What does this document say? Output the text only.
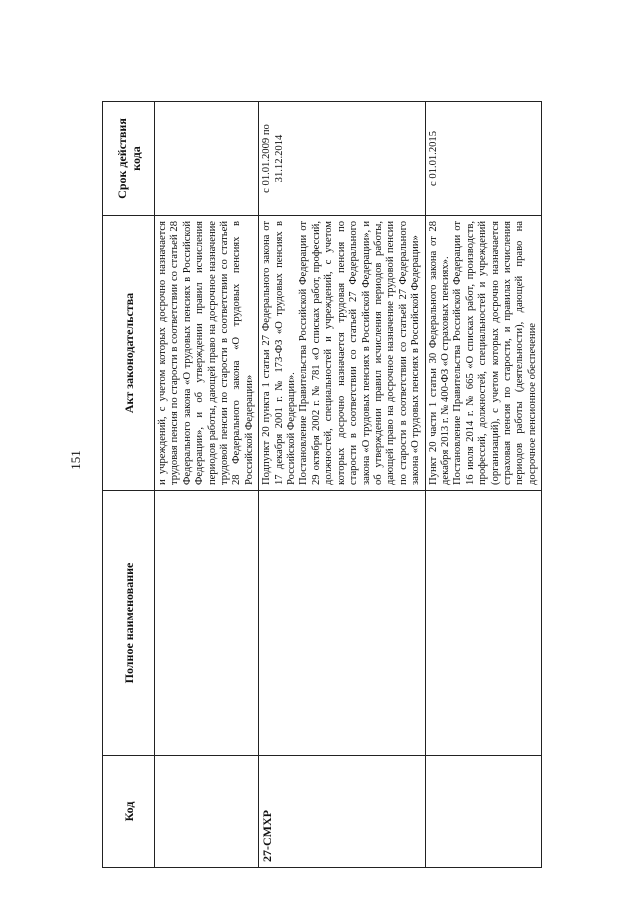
151
Код	Полное наименование	Акт законодательства	Срок действия кода

		и учреждений, с учетом которых досрочно назначается трудовая пенсия по старости в соответствии со статьей 28 Федерального закона «О трудовых пенсиях в Российской Федерации», и об утверждении правил исчисления периодов работы, дающей право на досрочное назначение трудовой пенсии по старости в соответствии со статьей 28 Федерального закона «О трудовых пенсиях в Российской Федерации»	

27-СМХР		Подпункт 20 пункта 1 статьи 27 Федерального закона от 17 декабря 2001 г. № 173-ФЗ «О трудовых пенсиях в Российской Федерации». Постановление Правительства Российской Федерации от 29 октября 2002 г. № 781 «О списках работ, профессий, должностей, специальностей и учреждений, с учетом которых досрочно назначается трудовая пенсия по старости в соответствии со статьей 27 Федерального закона «О трудовых пенсиях в Российской Федерации», и об утверждении правил исчисления периодов работы, дающей право на досрочное назначение трудовой пенсии по старости в соответствии со статьей 27 Федерального закона «О трудовых пенсиях в Российской Федерации»	с 01.01.2009 по 31.12.2014

		Пункт 20 части 1 статьи 30 Федерального закона от 28 декабря 2013 г. № 400-ФЗ «О страховых пенсиях». Постановление Правительства Российской Федерации от 16 июля 2014 г. № 665 «О списках работ, производств, профессий, должностей, специальностей и учреждений (организаций), с учетом которых досрочно назначается страховая пенсия по старости, и правилах исчисления периодов работы (деятельности), дающей право на досрочное пенсионное обеспечение	с 01.01.2015
